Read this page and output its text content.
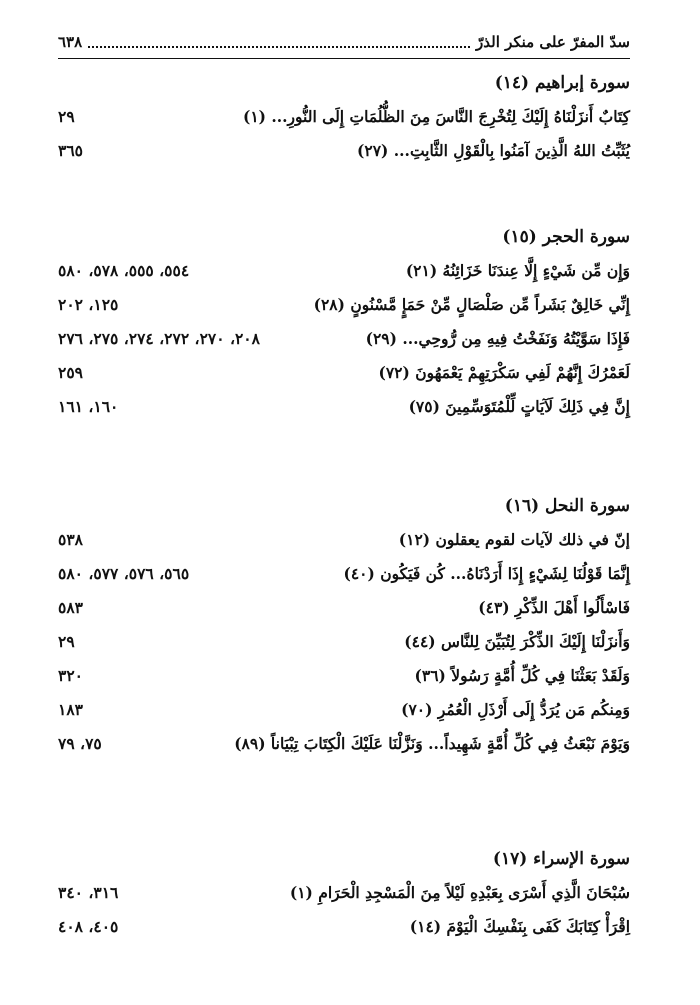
سدّ المفرّ على منكر الذرّ
٦٣٨
سورة إبراهيم (١٤)
كِتَابٌ أَنزَلْنَاهُ إِلَيْكَ لِتُخْرِجَ النَّاسَ مِنَ الظُّلُمَاتِ إِلَى النُّورِ... (١)
٢٩
يُثَبِّتُ اللهُ الَّذِينَ آمَنُوا بِالْقَوْلِ الثَّابِتِ... (٢٧)
٣٦٥
سورة الحجر (١٥)
وَإِن مِّن شَيْءٍ إِلَّا عِندَنَا خَزَائِنُهُ (٢١)
٥٥٤، ٥٥٥، ٥٧٨، ٥٨٠
إِنِّي خَالِقٌ بَشَراً مِّن صَلْصَالٍ مِّنْ حَمَإٍ مَّسْنُونٍ (٢٨)
١٢٥، ٢٠٢
فَإِذَا سَوَّيْتُهُ وَنَفَخْتُ فِيهِ مِن رُّوحِي... (٢٩)
٢٠٨، ٢٧٠، ٢٧٢، ٢٧٤، ٢٧٥، ٢٧٦
لَعَمْرُكَ إِنَّهُمْ لَفِي سَكْرَتِهِمْ يَعْمَهُونَ (٧٢)
٢٥٩
إِنَّ فِي ذَلِكَ لَآيَاتٍ لِّلْمُتَوَسِّمِينَ (٧٥)
١٦٠، ١٦١
سورة النحل (١٦)
إنّ في ذلك لآيات لقوم يعقلون (١٢)
٥٣٨
إِنَّمَا قَوْلُنَا لِشَيْءٍ إِذَا أَرَدْنَاهُ... كُن فَيَكُون (٤٠)
٥٦٥، ٥٧٦، ٥٧٧، ٥٨٠
فَاسْأَلُوا أَهْلَ الذِّكْرِ (٤٣)
٥٨٣
وَأَنزَلْنَا إِلَيْكَ الذِّكْرَ لِتُبَيِّنَ لِلنَّاس (٤٤)
٢٩
وَلَقَدْ بَعَثْنَا فِي كُلِّ أُمَّةٍ رَسُولاً (٣٦)
٣٢٠
وَمِنكُم مَن يُرَدُّ إِلَى أَرْذَلِ الْعُمُرِ (٧٠)
١٨٣
وَيَوْمَ نَبْعَثُ فِي كُلِّ أُمَّةٍ شَهِيداً... وَنَزَّلْنَا عَلَيْكَ الْكِتَابَ تِبْيَاناً (٨٩)
٧٥، ٧٩
سورة الإسراء (١٧)
سُبْحَانَ الَّذِي أَسْرَى بِعَبْدِهِ لَيْلاً مِنَ الْمَسْجِدِ الْحَرَامِ (١)
٣١٦، ٣٤٠
اِقْرَأْ كِتَابَكَ كَفَى بِنَفْسِكَ الْيَوْمَ (١٤)
٤٠٥، ٤٠٨
